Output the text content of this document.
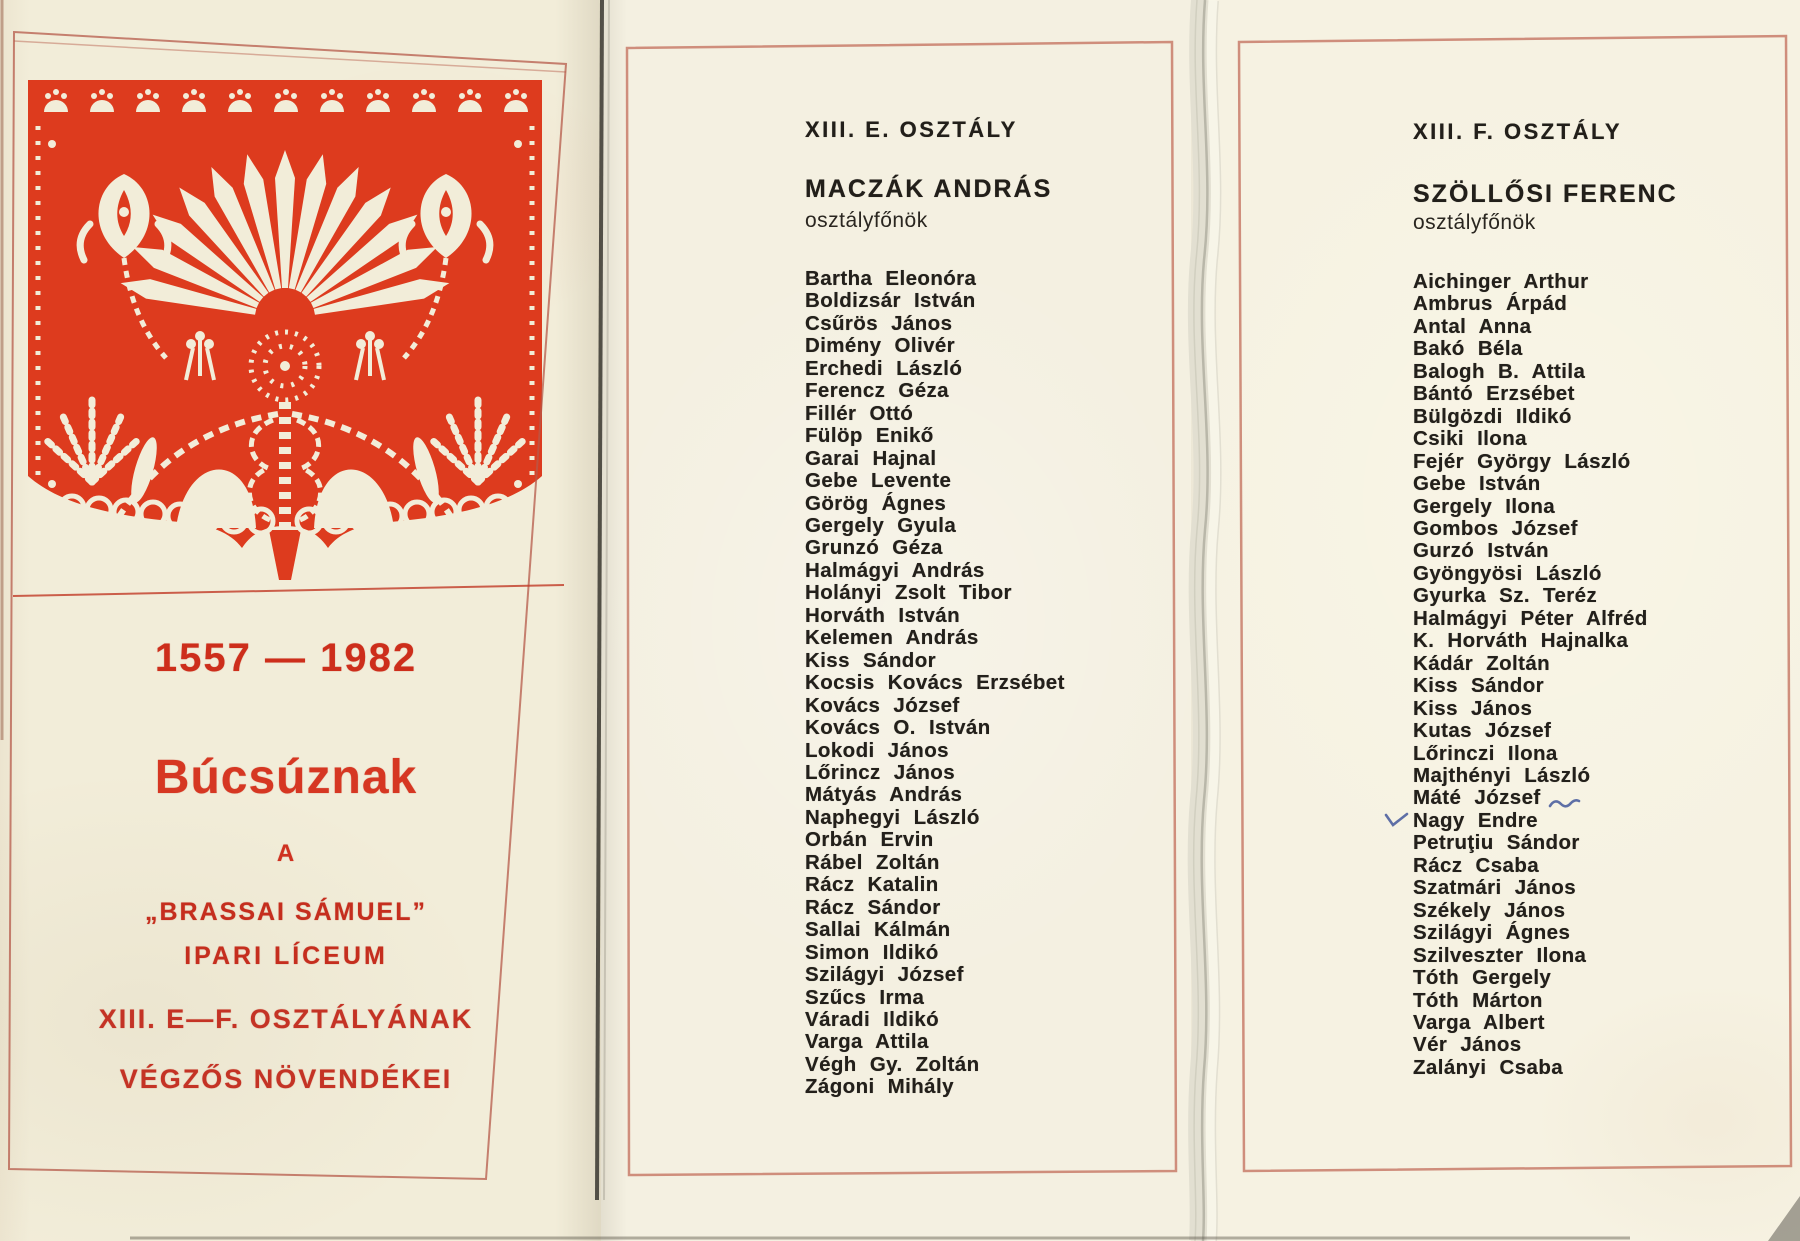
1557 — 1982
Búcsúznak
A
„BRASSAI SÁMUEL”
IPARI LÍCEUM
XIII. E—F. OSZTÁLYÁNAK
VÉGZŐS NÖVENDÉKEI
XIII. E. OSZTÁLY
MACZÁK ANDRÁS
osztályfőnök
Bartha Eleonóra
Boldizsár István
Csűrös János
Dimény Olivér
Erchedi László
Ferencz Géza
Fillér Ottó
Fülöp Enikő
Garai Hajnal
Gebe Levente
Görög Ágnes
Gergely Gyula
Grunzó Géza
Halmágyi András
Holányi Zsolt Tibor
Horváth István
Kelemen András
Kiss Sándor
Kocsis Kovács Erzsébet
Kovács József
Kovács O. István
Lokodi János
Lőrincz János
Mátyás András
Naphegyi László
Orbán Ervin
Rábel Zoltán
Rácz Katalin
Rácz Sándor
Sallai Kálmán
Simon Ildikó
Szilágyi József
Szűcs Irma
Váradi Ildikó
Varga Attila
Végh Gy. Zoltán
Zágoni Mihály
XIII. F. OSZTÁLY
SZÖLLŐSI FERENC
osztályfőnök
Aichinger Arthur
Ambrus Árpád
Antal Anna
Bakó Béla
Balogh B. Attila
Bántó Erzsébet
Bülgözdi Ildikó
Csiki Ilona
Fejér György László
Gebe István
Gergely Ilona
Gombos József
Gurzó István
Gyöngyösi László
Gyurka Sz. Teréz
Halmágyi Péter Alfréd
K. Horváth Hajnalka
Kádár Zoltán
Kiss Sándor
Kiss János
Kutas József
Lőrinczi Ilona
Majthényi László
Máté József
Nagy Endre
Petruţiu Sándor
Rácz Csaba
Szatmári János
Székely János
Szilágyi Ágnes
Szilveszter Ilona
Tóth Gergely
Tóth Márton
Varga Albert
Vér János
Zalányi Csaba
